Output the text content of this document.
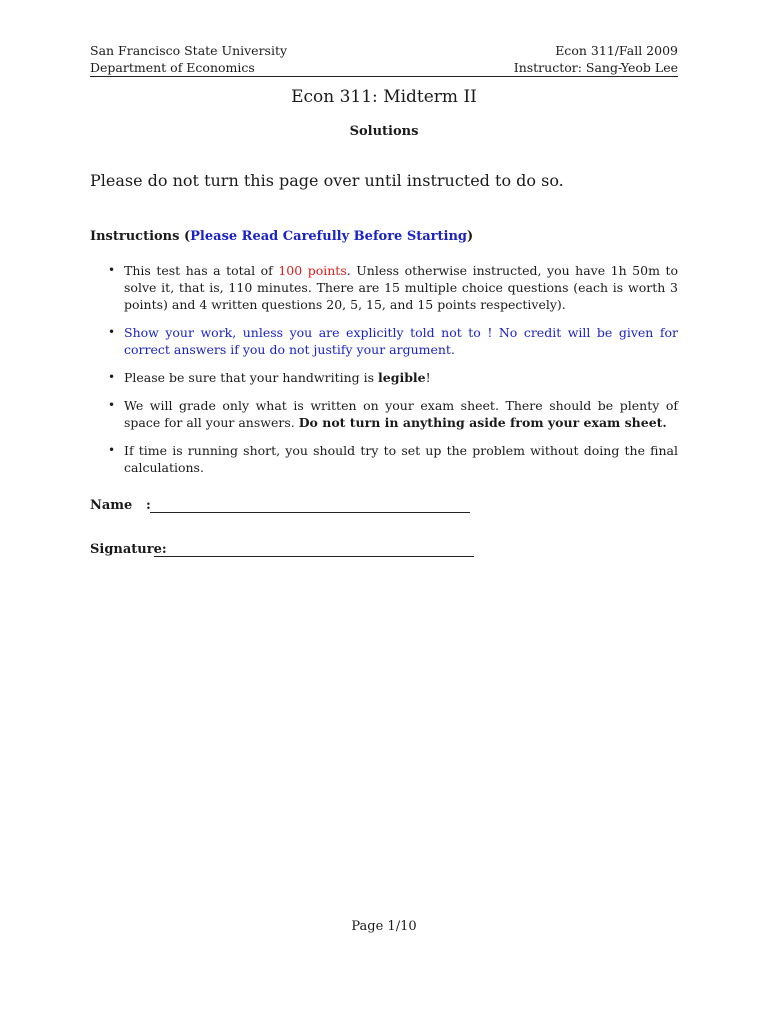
San Francisco State University
Department of Economics
Econ 311/Fall 2009
Instructor: Sang-Yeob Lee
Econ 311: Midterm II
Solutions
Please do not turn this page over until instructed to do so.
Instructions (Please Read Carefully Before Starting)
• This test has a total of 100 points. Unless otherwise instructed, you have 1h 50m to solve it, that is, 110 minutes. There are 15 multiple choice questions (each is worth 3 points) and 4 written questions 20, 5, 15, and 15 points respectively).
• Show your work, unless you are explicitly told not to ! No credit will be given for correct answers if you do not justify your argument.
• Please be sure that your handwriting is legible!
• We will grade only what is written on your exam sheet. There should be plenty of space for all your answers. Do not turn in anything aside from your exam sheet.
• If time is running short, you should try to set up the problem without doing the final calculations.
Name :
Signature:
Page 1/10
